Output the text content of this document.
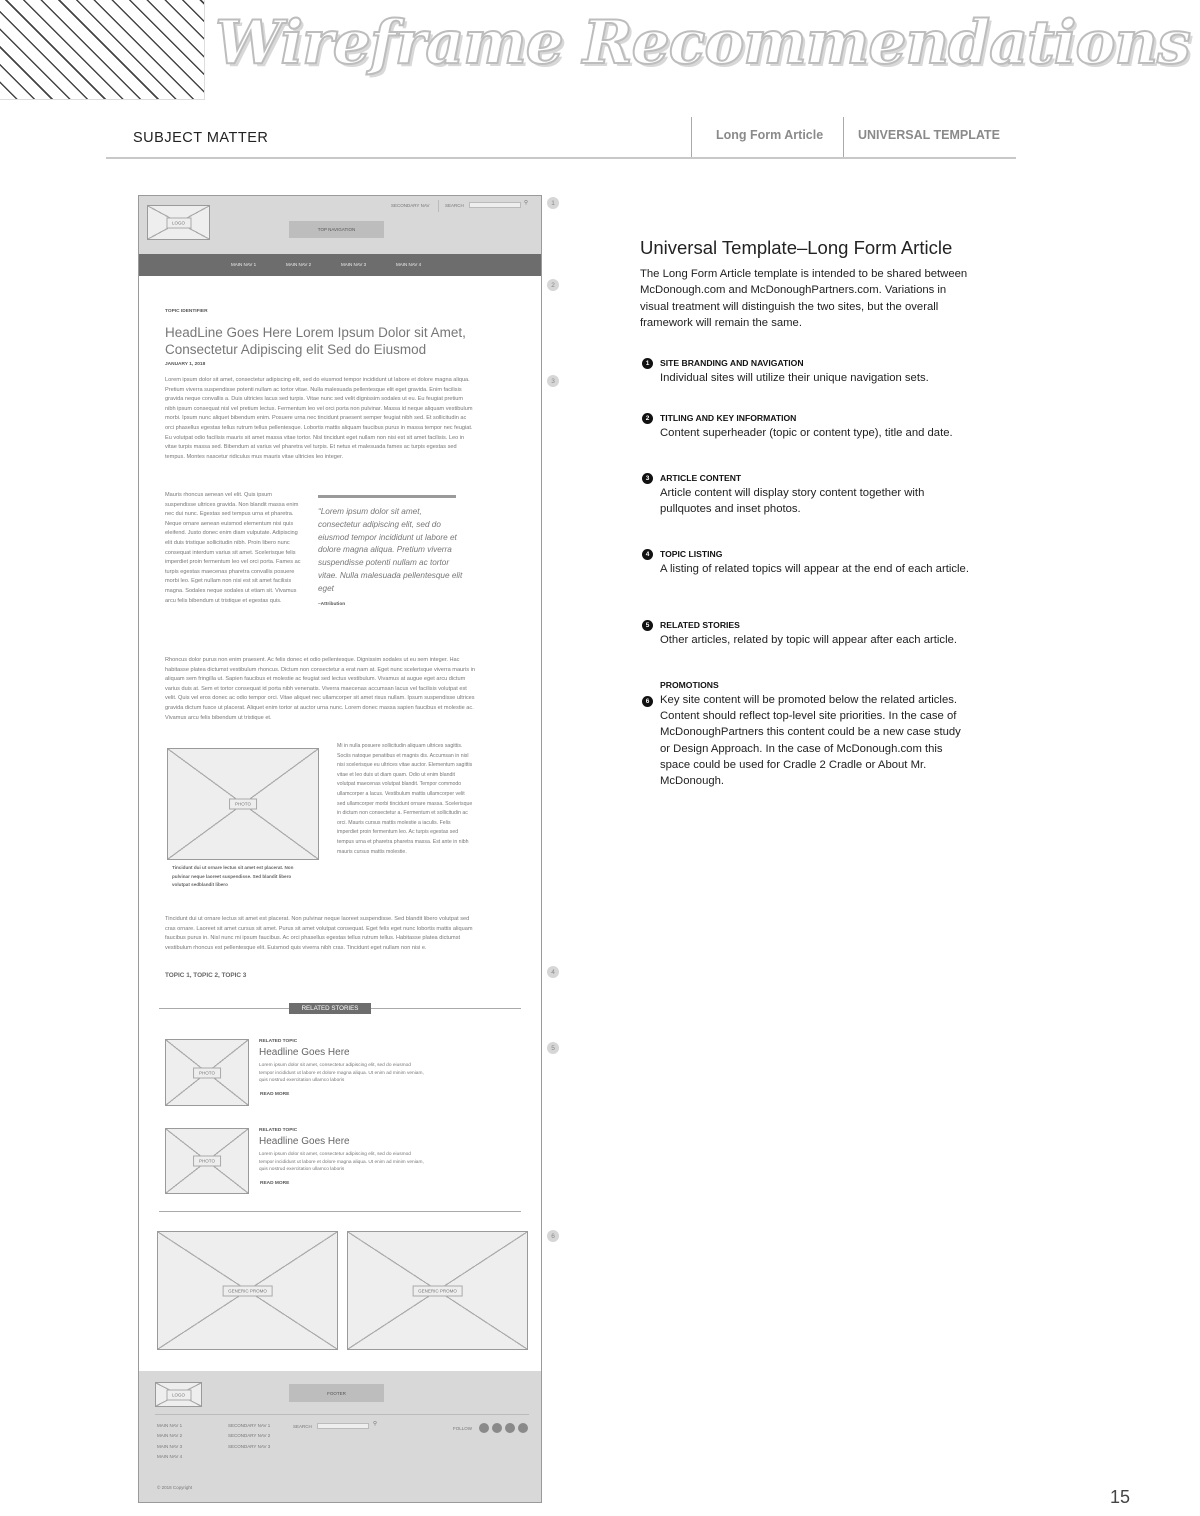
Wireframe Recommendations
SUBJECT MATTER	Long Form Article	UNIVERSAL TEMPLATE
SECONDARY NAV	SEARCH	⚲
LOGO
TOP NAVIGATION
MAIN NAV 1	MAIN NAV 2	MAIN NAV 3	MAIN NAV 4
TOPIC IDENTIFIER
HeadLine Goes Here Lorem Ipsum Dolor sit Amet, Consectetur Adipiscing elit Sed do Eiusmod
JANUARY 1, 2018
Lorem ipsum dolor sit amet, consectetur adipiscing elit, sed do eiusmod tempor incididunt ut labore et dolore magna aliqua. Pretium viverra suspendisse potenti nullam ac tortor vitae. Nulla malesuada pellentesque elit eget gravida. Enim facilisis gravida neque convallis a. Duis ultricies lacus sed turpis. Vitae nunc sed velit dignissim sodales ut eu. Eu feugiat pretium nibh ipsum consequat nisl vel pretium lectus. Fermentum leo vel orci porta non pulvinar. Massa id neque aliquam vestibulum morbi. Ipsum nunc aliquet bibendum enim. Posuere urna nec tincidunt praesent semper feugiat nibh sed. Et sollicitudin ac orci phasellus egestas tellus rutrum tellus pellentesque. Lobortis mattis aliquam faucibus purus in massa tempor nec feugiat. Eu volutpat odio facilisis mauris sit amet massa vitae tortor. Nisl tincidunt eget nullam non nisi est sit amet facilisis. Leo in vitae turpis massa sed. Bibendum at varius vel pharetra vel turpis. Et netus et malesuada fames ac turpis egestas sed tempus. Montes nascetur ridiculus mus mauris vitae ultricies leo integer.
Mauris rhoncus aenean vel elit. Quis ipsum suspendisse ultrices gravida. Non blandit massa enim nec dui nunc. Egestas sed tempus urna et pharetra. Neque ornare aenean euismod elementum nisi quis eleifend. Justo donec enim diam vulputate. Adipiscing elit duis tristique sollicitudin nibh. Proin libero nunc consequat interdum varius sit amet. Scelerisque felis imperdiet proin fermentum leo vel orci porta. Fames ac turpis egestas maecenas pharetra convallis posuere morbi leo. Eget nullam non nisi est sit amet facilisis magna. Sodales neque sodales ut etiam sit. Vivamus arcu felis bibendum ut tristique et egestas quis.
“Lorem ipsum dolor sit amet, consectetur adipiscing elit, sed do eiusmod tempor incididunt ut labore et dolore magna aliqua. Pretium viverra suspendisse potenti nullam ac tortor vitae. Nulla malesuada pellentesque elit eget
–Attribution
Rhoncus dolor purus non enim praesent. Ac felis donec et odio pellentesque. Dignissim sodales ut eu sem integer. Hac habitasse platea dictumst vestibulum rhoncus. Dictum non consectetur a erat nam at. Eget nunc scelerisque viverra mauris in aliquam sem fringilla ut. Sapien faucibus et molestie ac feugiat sed lectus vestibulum. Vivamus at augue eget arcu dictum varius duis at. Sem et tortor consequat id porta nibh venenatis. Viverra maecenas accumsan lacus vel facilisis volutpat est velit. Quis vel eros donec ac odio tempor orci. Vitae aliquet nec ullamcorper sit amet risus nullam. Ipsum suspendisse ultrices gravida dictum fusce ut placerat. Aliquet enim tortor at auctor urna nunc. Lorem donec massa sapien faucibus et molestie ac. Vivamus arcu felis bibendum ut tristique et.
PHOTO
Tincidunt dui ut ornare lectus sit amet est placerat. Non pulvinar neque laoreet suspendisse. Sed blandit libero volutpat sedblandit libero
Mi in nulla posuere sollicitudin aliquam ultrices sagittis. Sociis natoque penatibus et magnis dis. Accumsan in nisl nisi scelerisque eu ultrices vitae auctor. Elementum sagittis vitae et leo duis ut diam quam. Odio ut enim blandit volutpat maecenas volutpat blandit. Tempor commodo ullamcorper a lacus. Vestibulum mattis ullamcorper velit sed ullamcorper morbi tincidunt ornare massa. Scelerisque in dictum non consectetur a. Fermentum et sollicitudin ac orci. Mauris cursus mattis molestie a iaculis. Felis imperdiet proin fermentum leo. Ac turpis egestas sed tempus urna et pharetra pharetra massa. Est ante in nibh mauris cursus mattis molestie.
Tincidunt dui ut ornare lectus sit amet est placerat. Non pulvinar neque laoreet suspendisse. Sed blandit libero volutpat sed cras ornare. Laoreet sit amet cursus sit amet. Purus sit amet volutpat consequat. Eget felis eget nunc lobortis mattis aliquam faucibus purus in. Nisl nunc mi ipsum faucibus. Ac orci phasellus egestas tellus rutrum tellus. Habitasse platea dictumst vestibulum rhoncus est pellentesque elit. Euismod quis viverra nibh cras. Tincidunt eget nullam non nisi e.
TOPIC 1, TOPIC 2, TOPIC 3
RELATED STORIES
PHOTO
RELATED TOPIC
Headline Goes Here
Lorem ipsum dolor sit amet, consectetur adipiscing elit, sed do eiusmod tempor incididunt ut labore et dolore magna aliqua. Ut enim ad minim veniam, quis nostrud exercitation ullamco laboris
READ MORE
PHOTO
RELATED TOPIC
Headline Goes Here
Lorem ipsum dolor sit amet, consectetur adipiscing elit, sed do eiusmod tempor incididunt ut labore et dolore magna aliqua. Ut enim ad minim veniam, quis nostrud exercitation ullamco laboris
READ MORE
GENERIC PROMO	GENERIC PROMO
LOGO	FOOTER
MAIN NAV 1
MAIN NAV 2
MAIN NAV 3
MAIN NAV 4
SECONDARY NAV 1
SECONDARY NAV 2
SECONDARY NAV 3
SEARCH	⚲
FOLLOW
© 2018 Copyright
1
2
3
4
5
6
Universal Template–Long Form Article
The Long Form Article template is intended to be shared between McDonough.com and McDonoughPartners.com. Variations in visual treatment will distinguish the two sites, but the overall framework will remain the same.
1	SITE BRANDING AND NAVIGATION
Individual sites will utilize their unique navigation sets.
2	TITLING AND KEY INFORMATION
Content superheader (topic or content type), title and date.
3	ARTICLE CONTENT
Article content will display story content together with pullquotes and inset photos.
4	TOPIC LISTING
A listing of related topics will appear at the end of each article.
5	RELATED STORIES
Other articles, related by topic will appear after each article.
PROMOTIONS
6 Key site content will be promoted below the related articles. Content should reflect top-level site priorities. In the case of McDonoughPartners this content could be a new case study or Design Approach. In the case of McDonough.com this space could be used for Cradle 2 Cradle or About Mr. McDonough.
15
